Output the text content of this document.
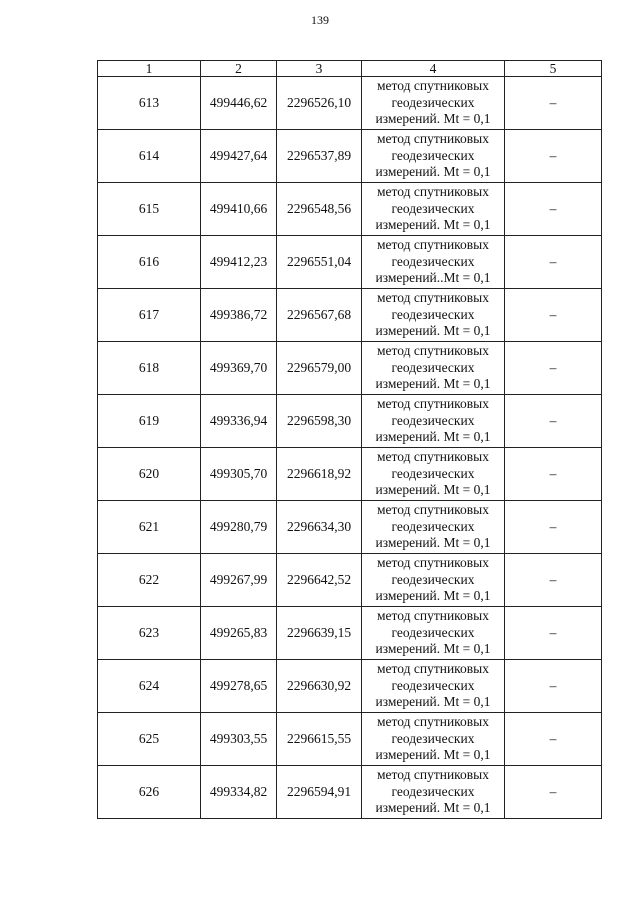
139
1	2	3	4	5
613	499446,62	2296526,10	метод спутниковых
геодезических
измерений. Mt = 0,1	–
614	499427,64	2296537,89	метод спутниковых
геодезических
измерений. Mt = 0,1	–
615	499410,66	2296548,56	метод спутниковых
геодезических
измерений. Mt = 0,1	–
616	499412,23	2296551,04	метод спутниковых
геодезических
измерений..Mt = 0,1	–
617	499386,72	2296567,68	метод спутниковых
геодезических
измерений. Mt = 0,1	–
618	499369,70	2296579,00	метод спутниковых
геодезических
измерений. Mt = 0,1	–
619	499336,94	2296598,30	метод спутниковых
геодезических
измерений. Mt = 0,1	–
620	499305,70	2296618,92	метод спутниковых
геодезических
измерений. Mt = 0,1	–
621	499280,79	2296634,30	метод спутниковых
геодезических
измерений. Mt = 0,1	–
622	499267,99	2296642,52	метод спутниковых
геодезических
измерений. Mt = 0,1	–
623	499265,83	2296639,15	метод спутниковых
геодезических
измерений. Mt = 0,1	–
624	499278,65	2296630,92	метод спутниковых
геодезических
измерений. Mt = 0,1	–
625	499303,55	2296615,55	метод спутниковых
геодезических
измерений. Mt = 0,1	–
626	499334,82	2296594,91	метод спутниковых
геодезических
измерений. Mt = 0,1	–
